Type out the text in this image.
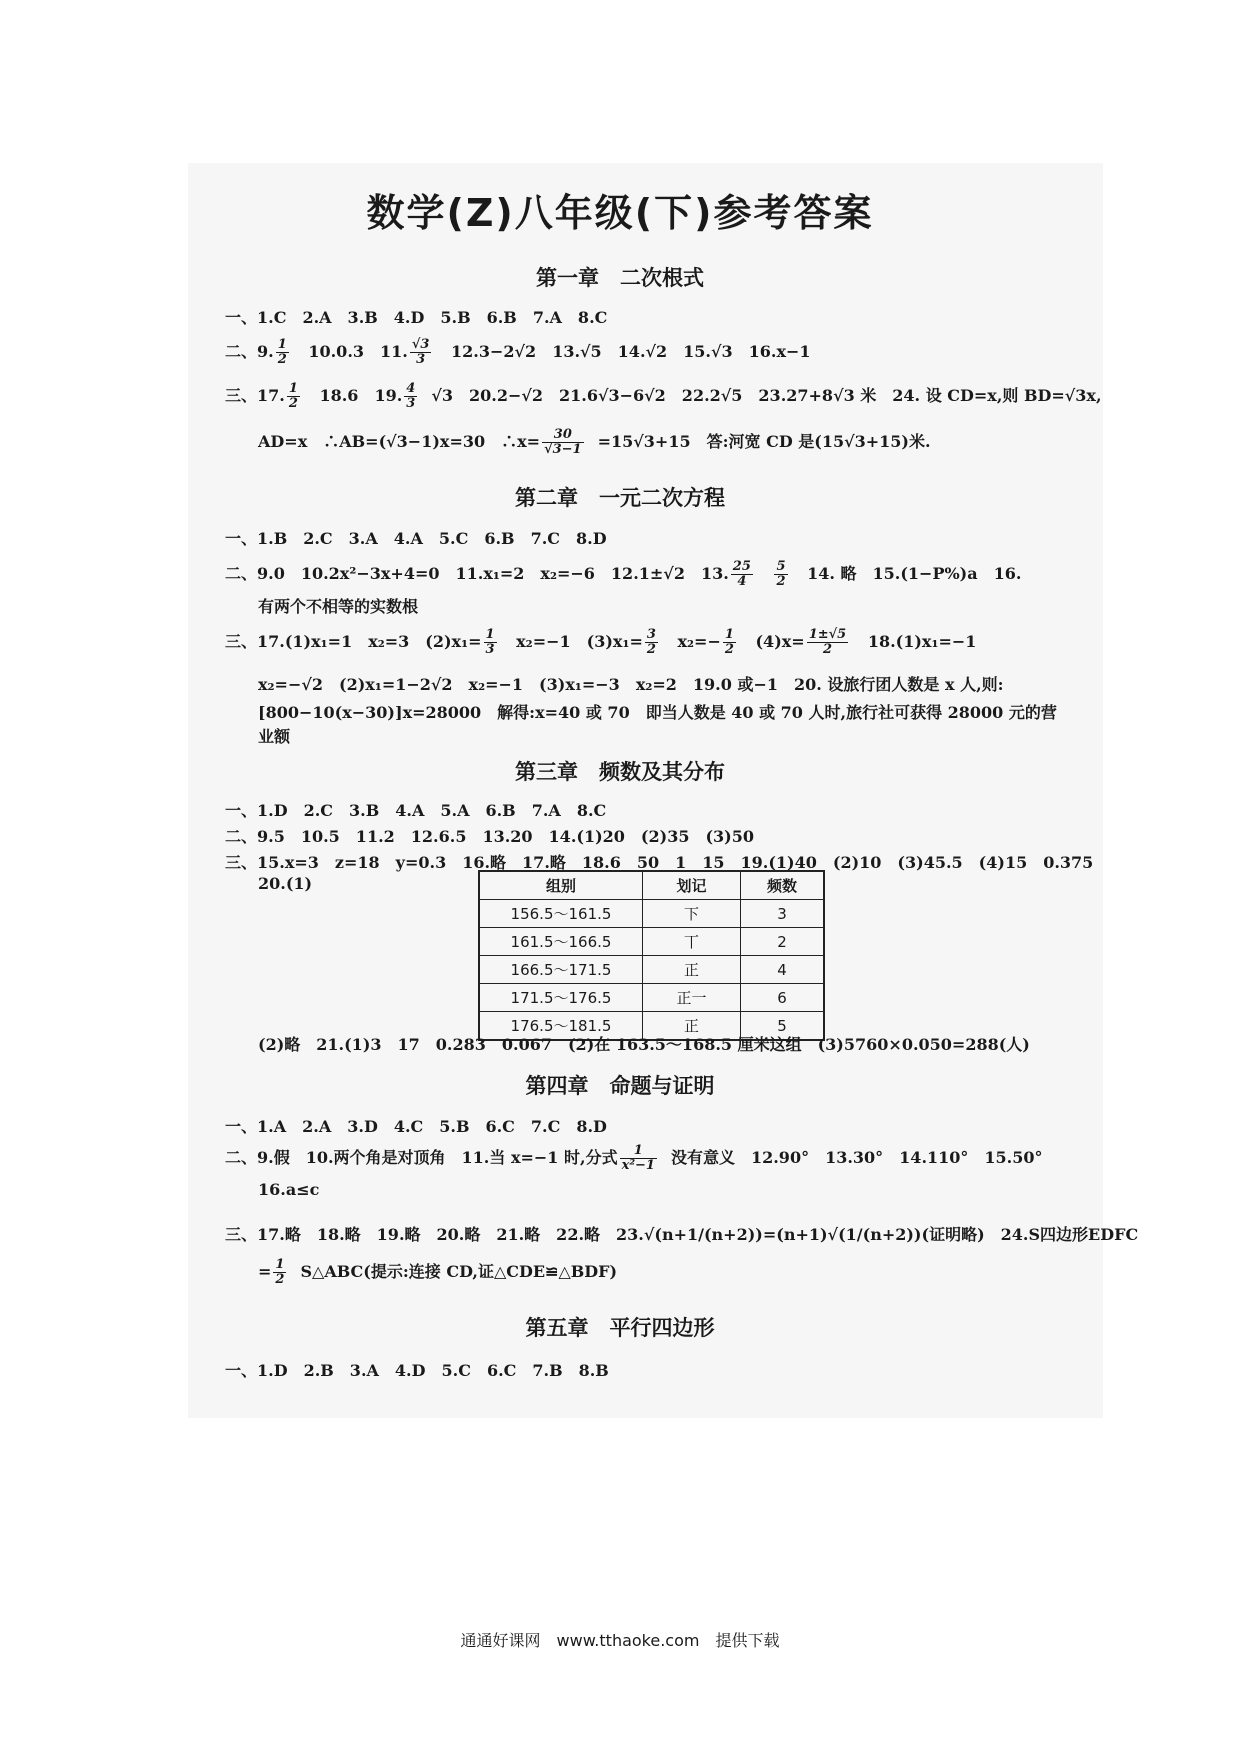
数学(Z)八年级(下)参考答案
第一章　二次根式
一、1.C　2.A　3.B　4.D　5.B　6.B　7.A　8.C
二、9. $\frac{1}{2} 10.0.3$　11. $\frac{√3}{3} 12.3-2√2$　13.√5　14.√2　15.√3　16.x−1
三、17. $\frac{1}{2} 18.6$　19. $\frac{4}{3} √3$　20.2−√2　21.6√3−6√2　22.2√5　23.27+8√3 米　24. 设 CD=x,则 BD=√3x,
AD=x　∴AB=(√3−1)x=30　∴x= $\frac{30}{√3-1} =15√3+15$　答:河宽 CD 是(15√3+15)米.
第二章　一元二次方程
一、1.B　2.C　3.A　4.A　5.C　6.B　7.C　8.D
二、9.0　10.2x²−3x+4=0　11.x₁=2　x₂=−6　12.1±√2　13. $\frac{25}{4}$
$\frac{5}{2} 14$. 略　15.(1−P%)a　16.
有两个不相等的实数根
三、17.(1)x₁=1　x₂=3　$(2)x_1= \frac{1}{3} x_2=-1$　$(3)x_1= \frac{3}{2} x_2=- \frac{1}{2} (4)x= \frac{1\pm√5}{2} 18.(1)x_1=-1$
x₂=−√2　(2)x₁=1−2√2　x₂=−1　(3)x₁=−3　x₂=2　19.0 或−1　20. 设旅行团人数是 x 人,则:
[800−10(x−30)]x=28000　解得:x=40 或 70　即当人数是 40 或 70 人时,旅行社可获得 28000 元的营
业额
第三章　频数及其分布
一、1.D　2.C　3.B　4.A　5.A　6.B　7.A　8.C
二、9.5　10.5　11.2　12.6.5　13.20　14.(1)20　(2)35　(3)50
三、15.x=3　z=18　y=0.3　16.略　17.略　18.6　50　1　15　19.(1)40　(2)10　(3)45.5　(4)15　0.375
20.(1)	组别	划记	频数
156.5～161.5	下	3
161.5～166.5	丅	2
166.5～171.5	正	4
171.5～176.5	正一	6
176.5～181.5	正	5
(2)略　21.(1)3　17　0.283　0.067　(2)在 163.5～168.5 厘米这组　(3)5760×0.050=288(人)
第四章　命题与证明
一、1.A　2.A　3.D　4.C　5.B　6.C　7.C　8.D
二、9.假　10.两个角是对顶角　11.当 x=−1 时,分式 $\frac{1}{\text{x²−1}}$ 没有意义　12.90°　13.30°　14.110°　15.50°
16.a≤c
三、17.略　18.略　19.略　20.略　21.略　22.略　23.√(n+1/(n+2))=(n+1)√(1/(n+2))(证明略)　24.S四边形EDFC
= $\frac{1}{2}$ S△ABC(提示:连接 CD,证△CDE≌△BDF)
第五章　平行四边形
一、1.D　2.B　3.A　4.D　5.C　6.C　7.B　8.B
通通好课网　www.tthaoke.com　提供下载
